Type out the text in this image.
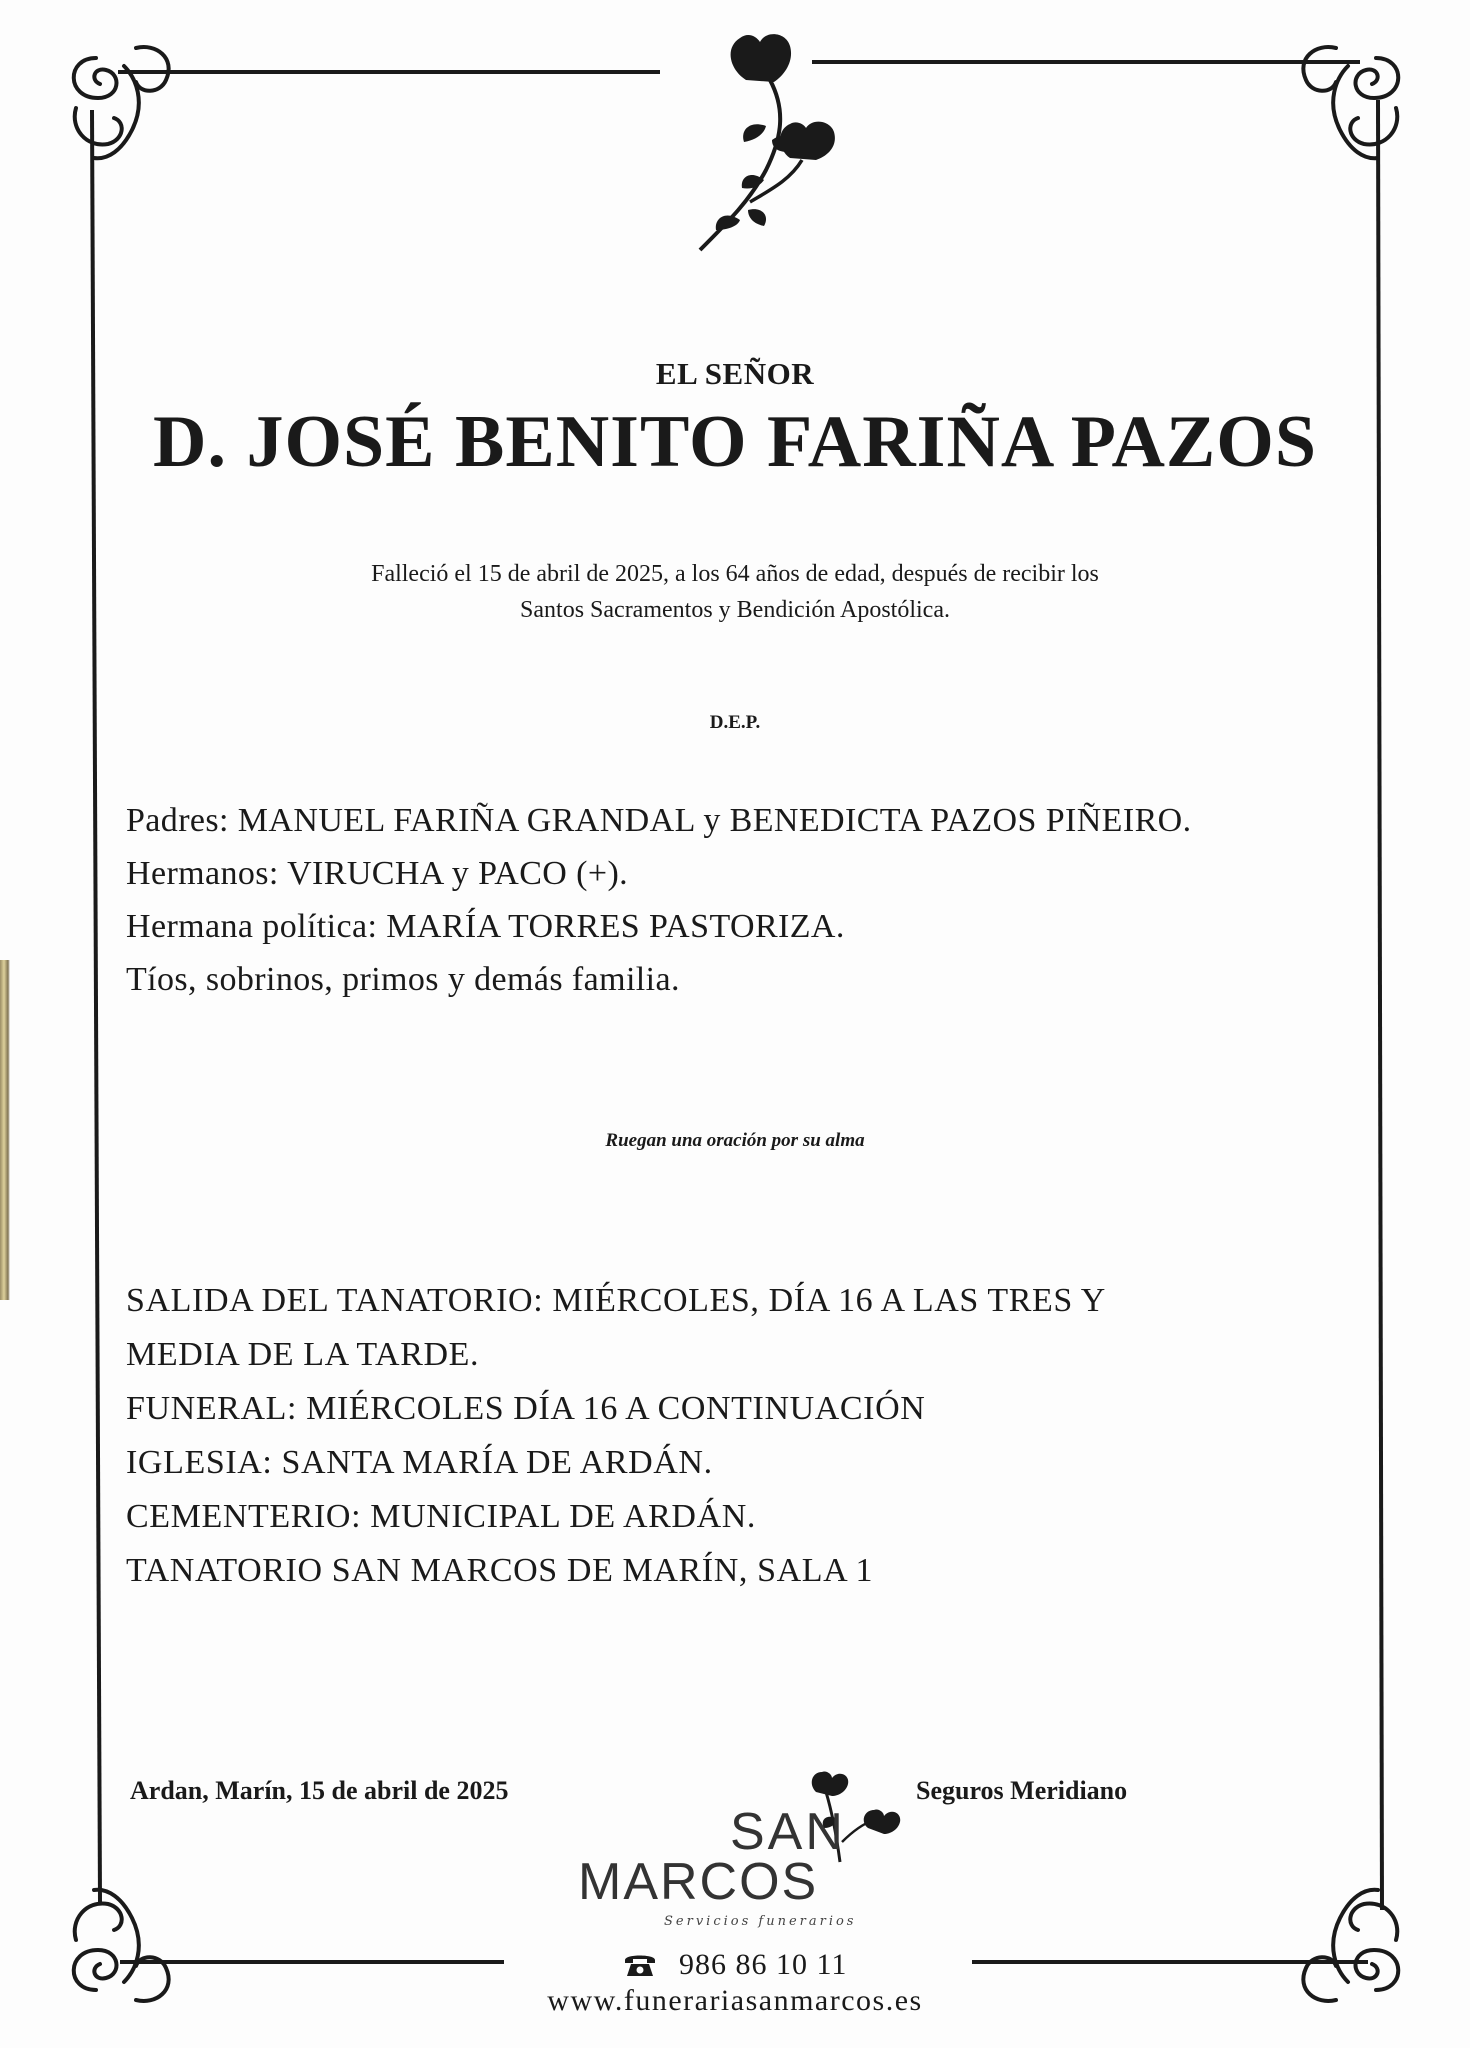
EL SEÑOR
D. JOSÉ BENITO FARIÑA PAZOS
Falleció el 15 de abril de 2025, a los 64 años de edad, después de recibir los
Santos Sacramentos y Bendición Apostólica.
D.E.P.
Padres: MANUEL FARIÑA GRANDAL y BENEDICTA PAZOS PIÑEIRO.
Hermanos: VIRUCHA y PACO (+).
Hermana política: MARÍA TORRES PASTORIZA.
Tíos, sobrinos, primos y demás familia.
Ruegan una oración por su alma
SALIDA DEL TANATORIO: MIÉRCOLES, DÍA 16 A LAS TRES Y
MEDIA DE LA TARDE.
FUNERAL: MIÉRCOLES DÍA 16 A CONTINUACIÓN
IGLESIA: SANTA MARÍA DE ARDÁN.
CEMENTERIO: MUNICIPAL DE ARDÁN.
TANATORIO SAN MARCOS DE MARÍN, SALA 1
Ardan, Marín, 15 de abril de 2025	Seguros Meridiano
SAN
MARCOS
Servicios funerarios
986 86 10 11
www.funerariasanmarcos.es
